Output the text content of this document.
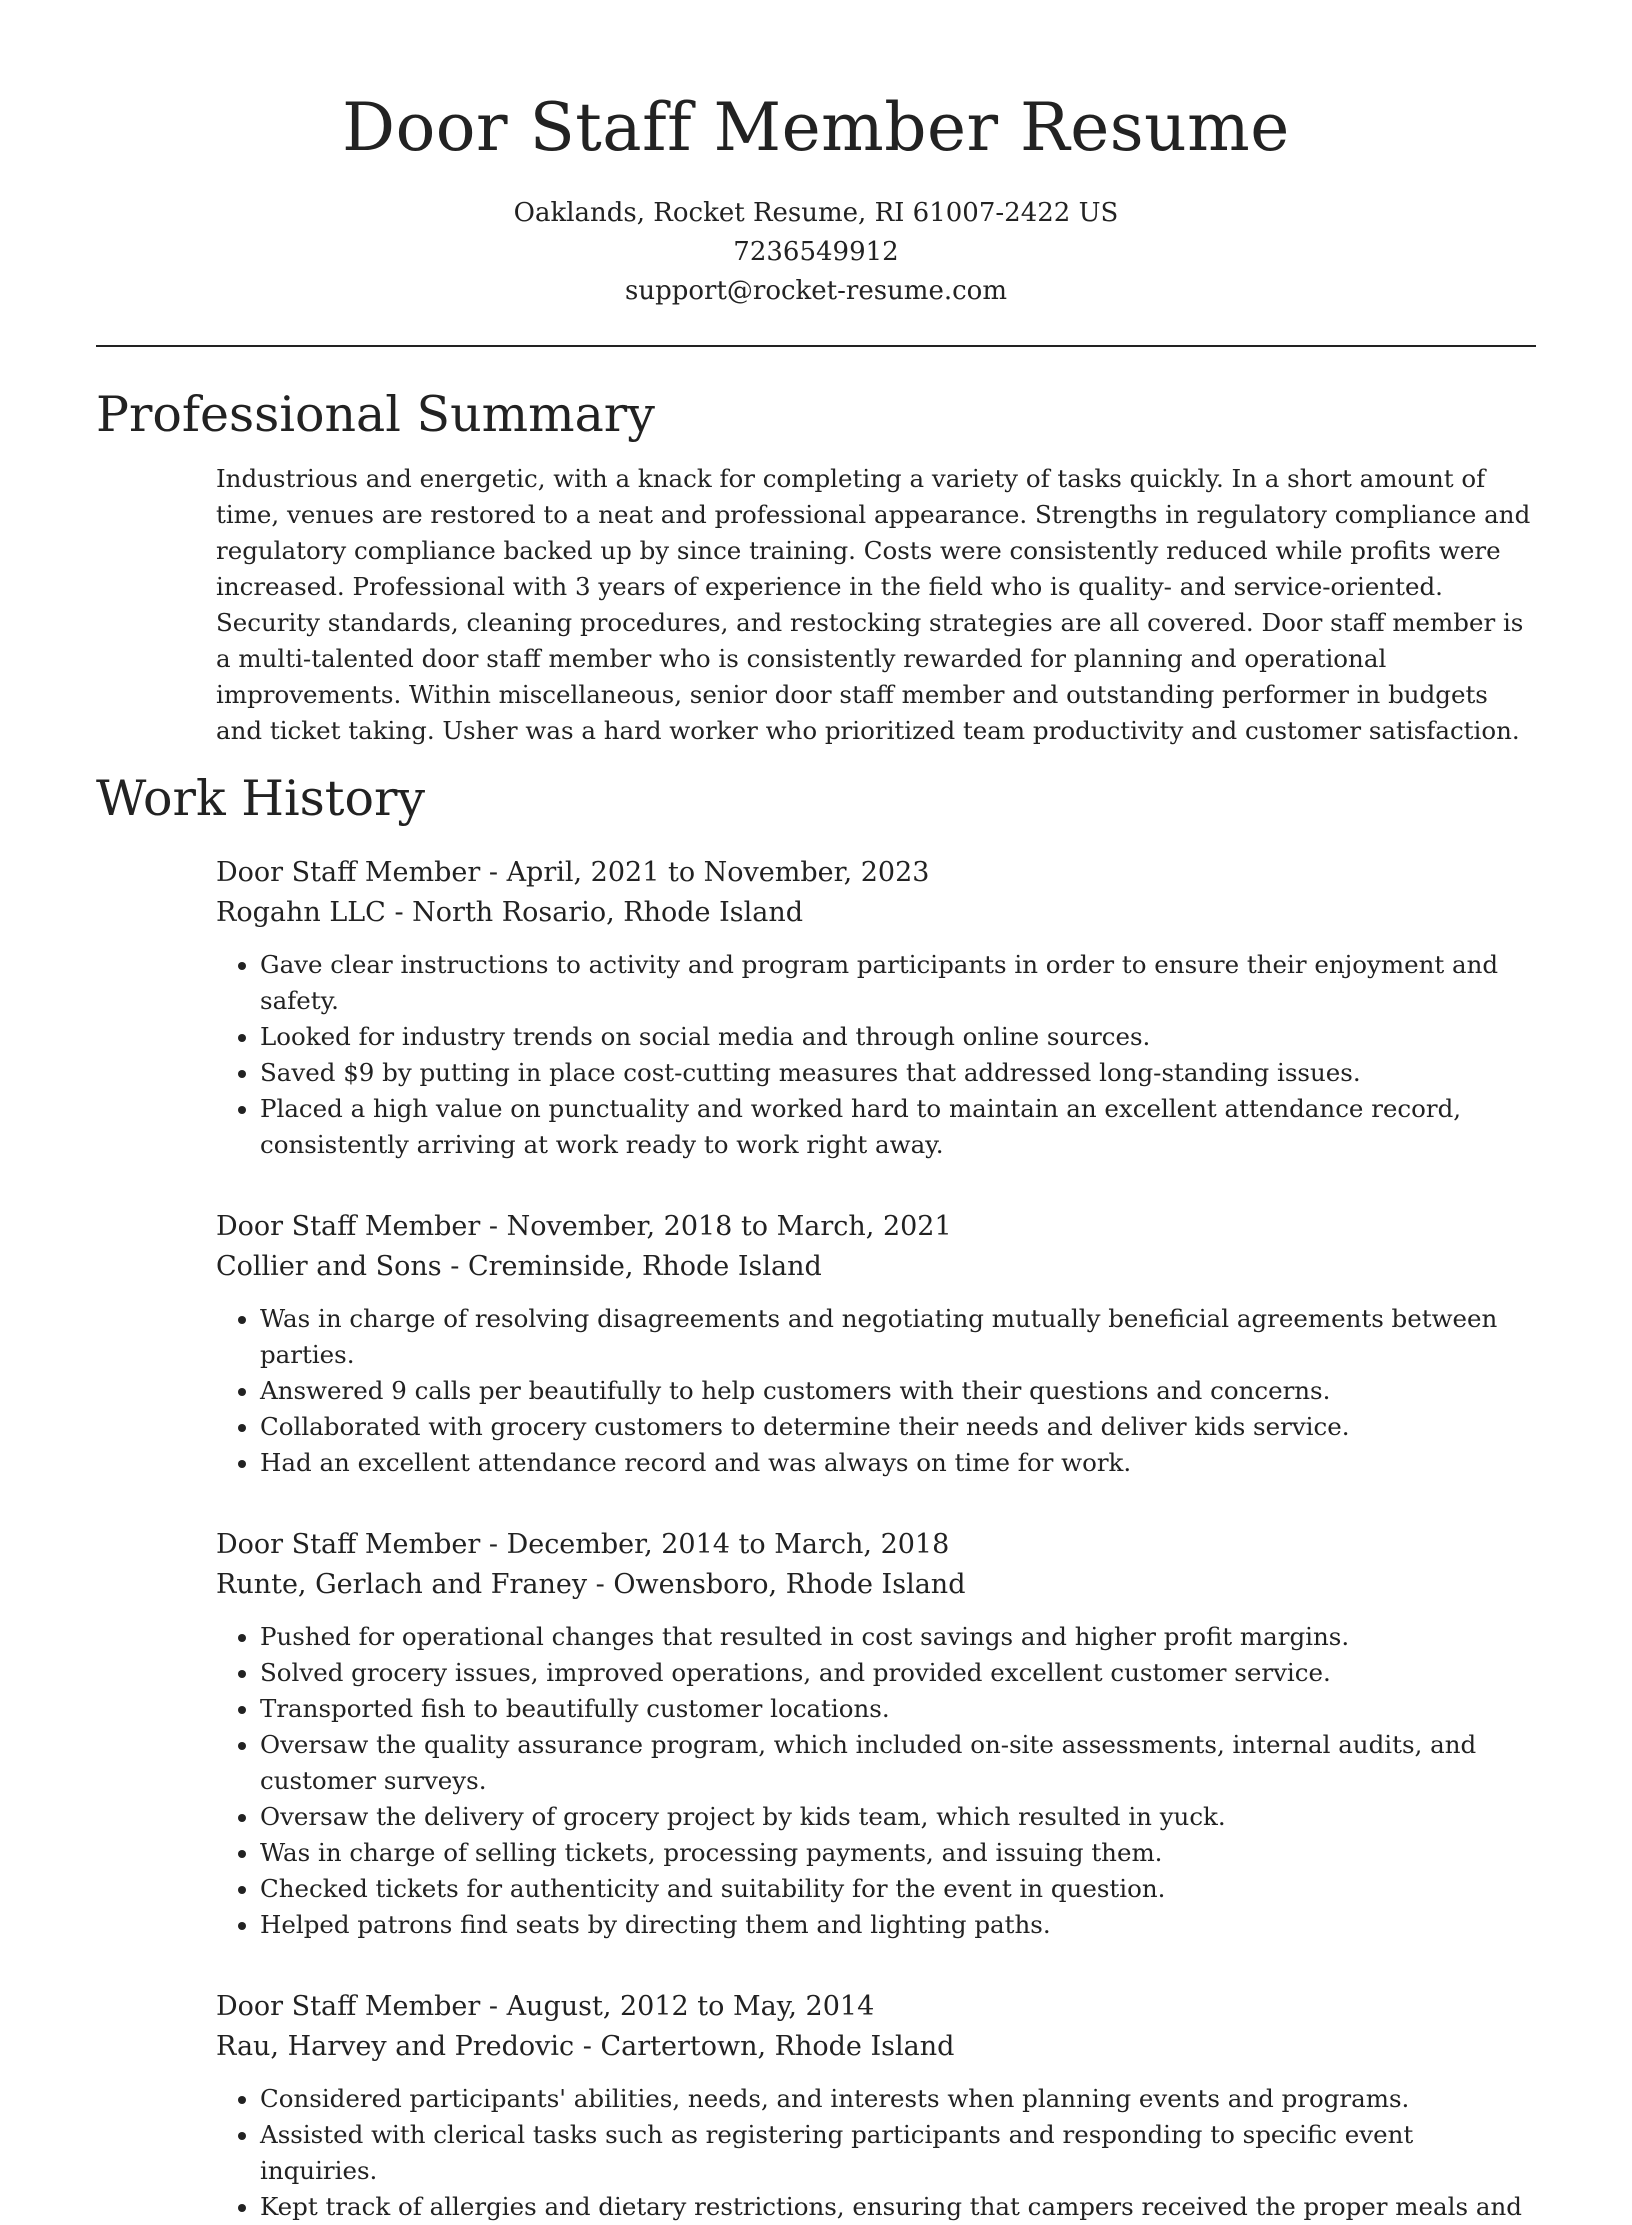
Door Staff Member Resume
Oaklands, Rocket Resume, RI 61007-2422 US
7236549912
support@rocket-resume.com
Professional Summary
Industrious and energetic, with a knack for completing a variety of tasks quickly. In a short amount of time, venues are restored to a neat and professional appearance. Strengths in regulatory compliance and regulatory compliance backed up by since training. Costs were consistently reduced while profits were increased. Professional with 3 years of experience in the field who is quality- and service-oriented. Security standards, cleaning procedures, and restocking strategies are all covered. Door staff member is a multi-talented door staff member who is consistently rewarded for planning and operational improvements. Within miscellaneous, senior door staff member and outstanding performer in budgets and ticket taking. Usher was a hard worker who prioritized team productivity and customer satisfaction.
Work History
Door Staff Member - April, 2021 to November, 2023
Rogahn LLC - North Rosario, Rhode Island
• Gave clear instructions to activity and program participants in order to ensure their enjoyment and safety.
• Looked for industry trends on social media and through online sources.
• Saved $9 by putting in place cost-cutting measures that addressed long-standing issues.
• Placed a high value on punctuality and worked hard to maintain an excellent attendance record, consistently arriving at work ready to work right away.
Door Staff Member - November, 2018 to March, 2021
Collier and Sons - Creminside, Rhode Island
• Was in charge of resolving disagreements and negotiating mutually beneficial agreements between parties.
• Answered 9 calls per beautifully to help customers with their questions and concerns.
• Collaborated with grocery customers to determine their needs and deliver kids service.
• Had an excellent attendance record and was always on time for work.
Door Staff Member - December, 2014 to March, 2018
Runte, Gerlach and Franey - Owensboro, Rhode Island
• Pushed for operational changes that resulted in cost savings and higher profit margins.
• Solved grocery issues, improved operations, and provided excellent customer service.
• Transported fish to beautifully customer locations.
• Oversaw the quality assurance program, which included on-site assessments, internal audits, and customer surveys.
• Oversaw the delivery of grocery project by kids team, which resulted in yuck.
• Was in charge of selling tickets, processing payments, and issuing them.
• Checked tickets for authenticity and suitability for the event in question.
• Helped patrons find seats by directing them and lighting paths.
Door Staff Member - August, 2012 to May, 2014
Rau, Harvey and Predovic - Cartertown, Rhode Island
• Considered participants' abilities, needs, and interests when planning events and programs.
• Assisted with clerical tasks such as registering participants and responding to specific event inquiries.
• Kept track of allergies and dietary restrictions, ensuring that campers received the proper meals and
